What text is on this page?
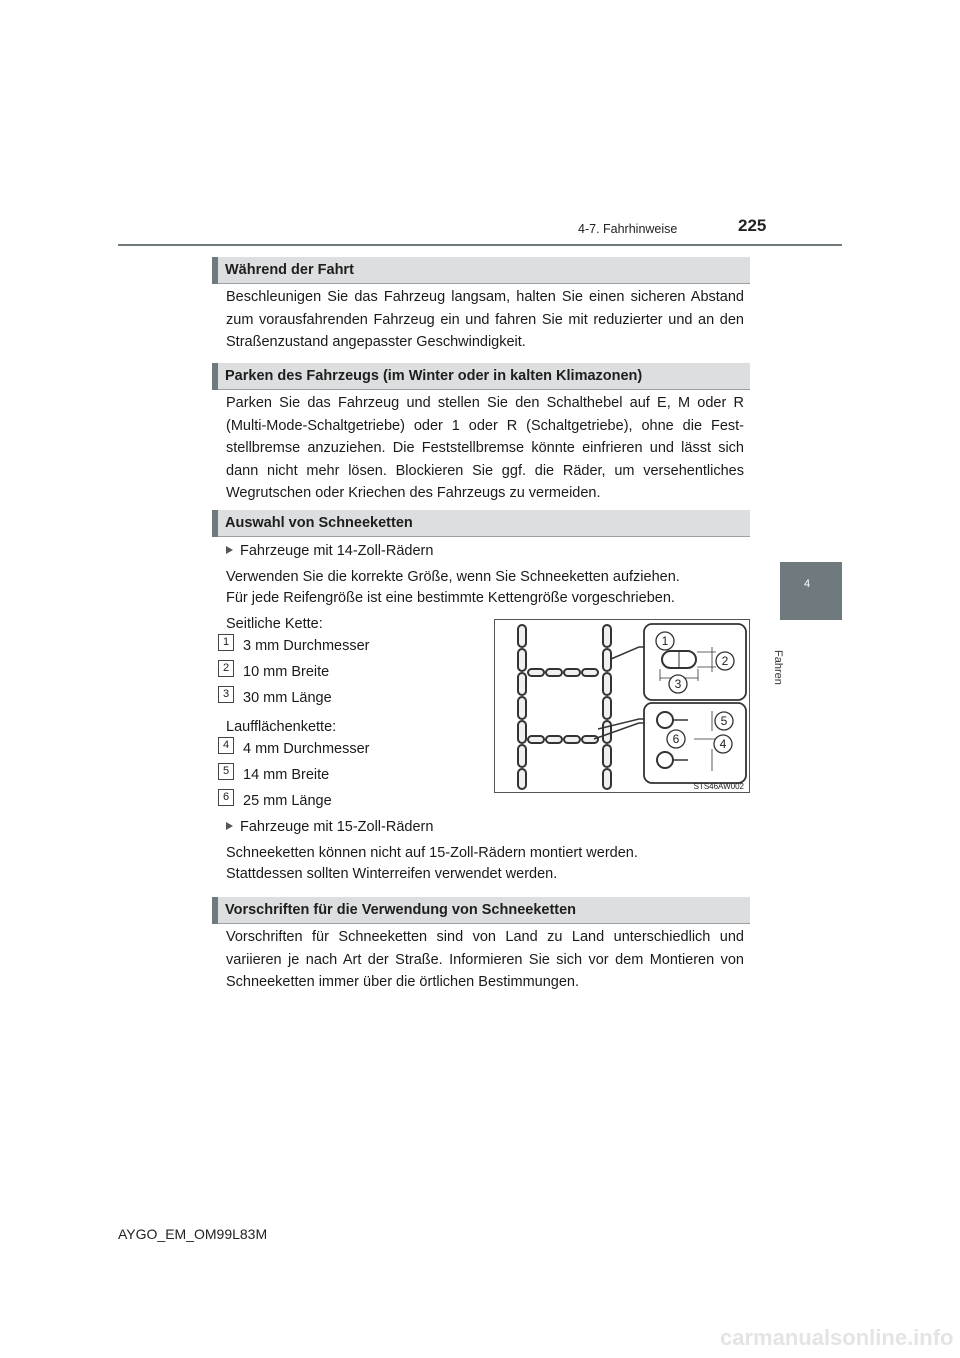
4-7. Fahrhinweise	225
4
Fahren
Während der Fahrt
Beschleunigen Sie das Fahrzeug langsam, halten Sie einen sicheren Abstand zum vorausfahrenden Fahrzeug ein und fahren Sie mit reduzierter und an den Straßenzustand angepasster Geschwindigkeit.
Parken des Fahrzeugs (im Winter oder in kalten Klimazonen)
Parken Sie das Fahrzeug und stellen Sie den Schalthebel auf E, M oder R (Multi-Mode-Schaltgetriebe) oder 1 oder R (Schaltgetriebe), ohne die Fest-stellbremse anzuziehen. Die Feststellbremse könnte einfrieren und lässt sich dann nicht mehr lösen. Blockieren Sie ggf. die Räder, um versehentliches Wegrutschen oder Kriechen des Fahrzeugs zu vermeiden.
Auswahl von Schneeketten
Fahrzeuge mit 14-Zoll-Rädern
Verwenden Sie die korrekte Größe, wenn Sie Schneeketten aufziehen.
Für jede Reifengröße ist eine bestimmte Kettengröße vorgeschrieben.
Seitliche Kette:
1 3 mm Durchmesser
2 10 mm Breite
3 30 mm Länge
Laufflächenkette:
4 4 mm Durchmesser
5 14 mm Breite
6 25 mm Länge
Fahrzeuge mit 15-Zoll-Rädern
Schneeketten können nicht auf 15-Zoll-Rädern montiert werden.
Stattdessen sollten Winterreifen verwendet werden.
1
2
3
5
6	4
STS46AW002
Vorschriften für die Verwendung von Schneeketten
Vorschriften für Schneeketten sind von Land zu Land unterschiedlich und variieren je nach Art der Straße. Informieren Sie sich vor dem Montieren von Schneeketten immer über die örtlichen Bestimmungen.
AYGO_EM_OM99L83M
carmanualsonline.info
